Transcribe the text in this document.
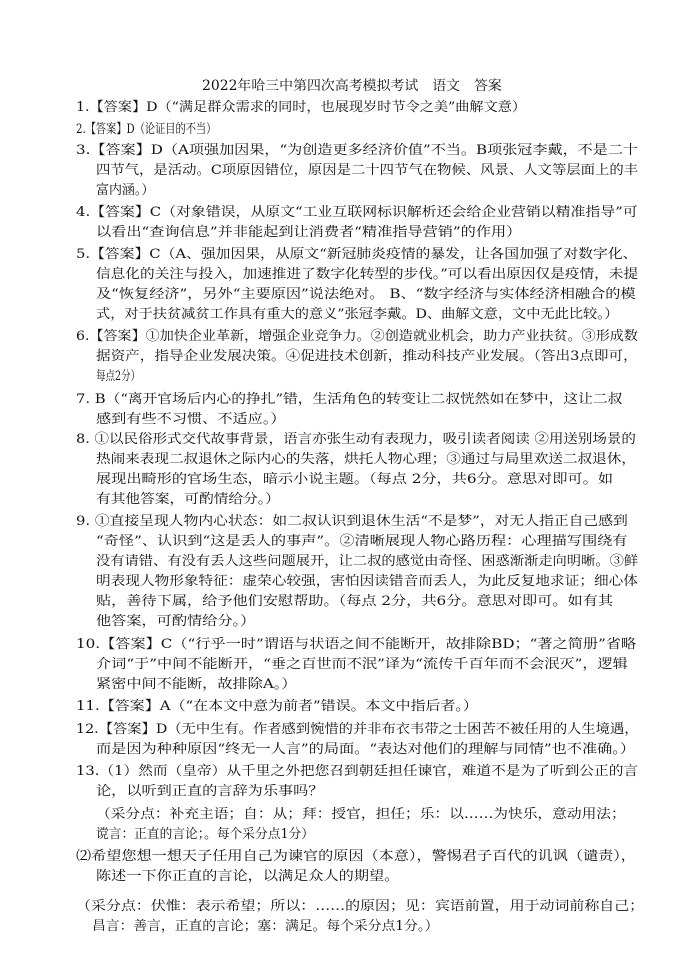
2022年哈三中第四次高考模拟考试　语文　答案
1.【答案】D（“满足群众需求的同时，也展现岁时节令之美”曲解文意）
2.【答案】D（论证目的不当）
3.【答案】D（A项强加因果，“为创造更多经济价值”不当。B项张冠李戴，不是二十
四节气，是活动。C项原因错位，原因是二十四节气在物候、风景、人文等层面上的丰
富内涵。）
4.【答案】C（对象错误，从原文“工业互联网标识解析还会给企业营销以精准指导”可
以看出“查询信息”并非能起到让消费者“精准指导营销”的作用）
5.【答案】C（A、强加因果，从原文“新冠肺炎疫情的暴发，让各国加强了对数字化、
信息化的关注与投入，加速推进了数字化转型的步伐。”可以看出原因仅是疫情，未提
及“恢复经济”，另外“主要原因”说法绝对。 B、“数字经济与实体经济相融合的模
式，对于扶贫减贫工作具有重大的意义”张冠李戴。D、曲解文意，文中无此比较。）
6.【答案】①加快企业革新，增强企业竞争力。②创造就业机会，助力产业扶贫。③形成数
据资产，指导企业发展决策。④促进技术创新，推动科技产业发展。（答出3点即可，
每点2分）
7. B（“离开官场后内心的挣扎”错，生活角色的转变让二叔恍然如在梦中，这让二叔
感到有些不习惯、不适应。）
8. ①以民俗形式交代故事背景，语言亦张生动有表现力，吸引读者阅读 ②用送别场景的
热闹来表现二叔退休之际内心的失落，烘托人物心理；③通过与局里欢送二叔退休，
展现出畸形的官场生态，暗示小说主题。（每点 2分，共6分。意思对即可。如
有其他答案，可酌情给分。）
9. ①直接呈现人物内心状态：如二叔认识到退休生活“不是梦”，对无人指正自己感到
“奇怪”、认识到“这是丢人的事声”。②清晰展现人物心路历程：心理描写围绕有
没有请错、有没有丢人这些问题展开，让二叔的感觉由奇怪、困惑渐渐走向明晰。③鲜
明表现人物形象特征：虚荣心较强，害怕因读错音而丢人，为此反复地求证；细心体
贴，善待下属，给予他们安慰帮助。（每点 2分，共6分。意思对即可。如有其
他答案，可酌情给分。）
10.【答案】C（“行乎一时”谓语与状语之间不能断开，故排除BD；“著之简册”省略
介词“于”中间不能断开，“垂之百世而不泯”译为“流传千百年而不会泯灭”，逻辑
紧密中间不能断，故排除A。）
11.【答案】A（“在本文中意为前者”错误。本文中指后者。）
12.【答案】D（无中生有。作者感到惋惜的并非布衣韦带之士困苦不被任用的人生境遇，
而是因为种种原因“终无一人言”的局面。“表达对他们的理解与同情”也不准确。）
13.（1）然而（皇帝）从千里之外把您召到朝廷担任谏官，难道不是为了听到公正的言
论，以听到正直的言辞为乐事吗？
（采分点：补充主语；自：从；拜：授官，担任；乐：以……为快乐，意动用法；
谠言：正直的言论；。每个采分点1分）
⑵希望您想一想天子任用自己为谏官的原因（本意），警惕君子百代的讥讽（谴责），
陈述一下你正直的言论，以满足众人的期望。
（采分点：伏惟：表示希望；所以：……的原因；见：宾语前置，用于动词前称自己；
昌言：善言，正直的言论；塞：满足。每个采分点1分。）
